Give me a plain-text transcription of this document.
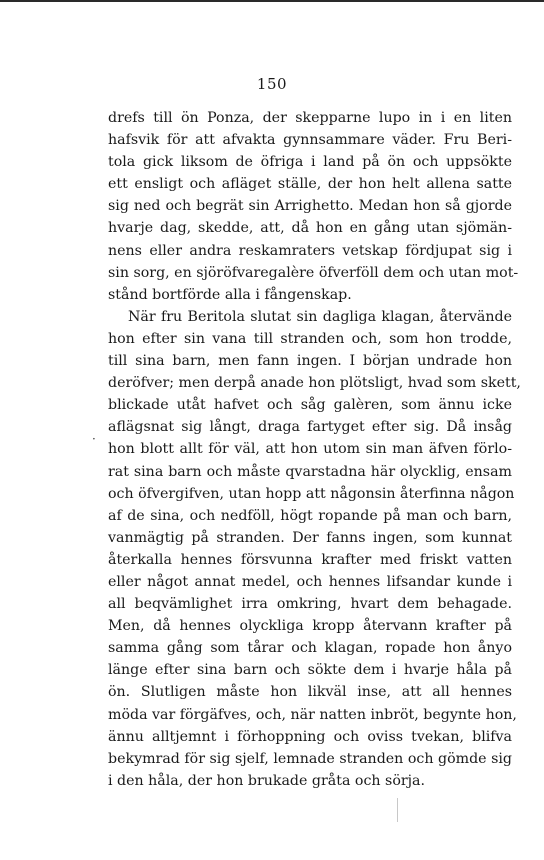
150
·
drefs till ön Ponza, der skepparne lupo in i en liten
hafsvik för att afvakta gynnsammare väder. Fru Beri-
tola gick liksom de öfriga i land på ön och uppsökte
ett ensligt och afläget ställe, der hon helt allena satte
sig ned och begrät sin Arrighetto. Medan hon så gjorde
hvarje dag, skedde, att, då hon en gång utan sjömän-
nens eller andra reskamraters vetskap fördjupat sig i
sin sorg, en sjöröfvaregalère öfverföll dem och utan mot-
stånd bortförde alla i fångenskap.
När fru Beritola slutat sin dagliga klagan, återvände
hon efter sin vana till stranden och, som hon trodde,
till sina barn, men fann ingen. I början undrade hon
deröfver; men derpå anade hon plötsligt, hvad som skett,
blickade utåt hafvet och såg galèren, som ännu icke
aflägsnat sig långt, draga fartyget efter sig. Då insåg
hon blott allt för väl, att hon utom sin man äfven förlo-
rat sina barn och måste qvarstadna här olycklig, ensam
och öfvergifven, utan hopp att någonsin återfinna någon
af de sina, och nedföll, högt ropande på man och barn,
vanmägtig på stranden. Der fanns ingen, som kunnat
återkalla hennes försvunna krafter med friskt vatten
eller något annat medel, och hennes lifsandar kunde i
all beqvämlighet irra omkring, hvart dem behagade.
Men, då hennes olyckliga kropp återvann krafter på
samma gång som tårar och klagan, ropade hon ånyo
länge efter sina barn och sökte dem i hvarje håla på
ön. Slutligen måste hon likväl inse, att all hennes
möda var förgäfves, och, när natten inbröt, begynte hon,
ännu alltjemnt i förhoppning och oviss tvekan, blifva
bekymrad för sig sjelf, lemnade stranden och gömde sig
i den håla, der hon brukade gråta och sörja.
